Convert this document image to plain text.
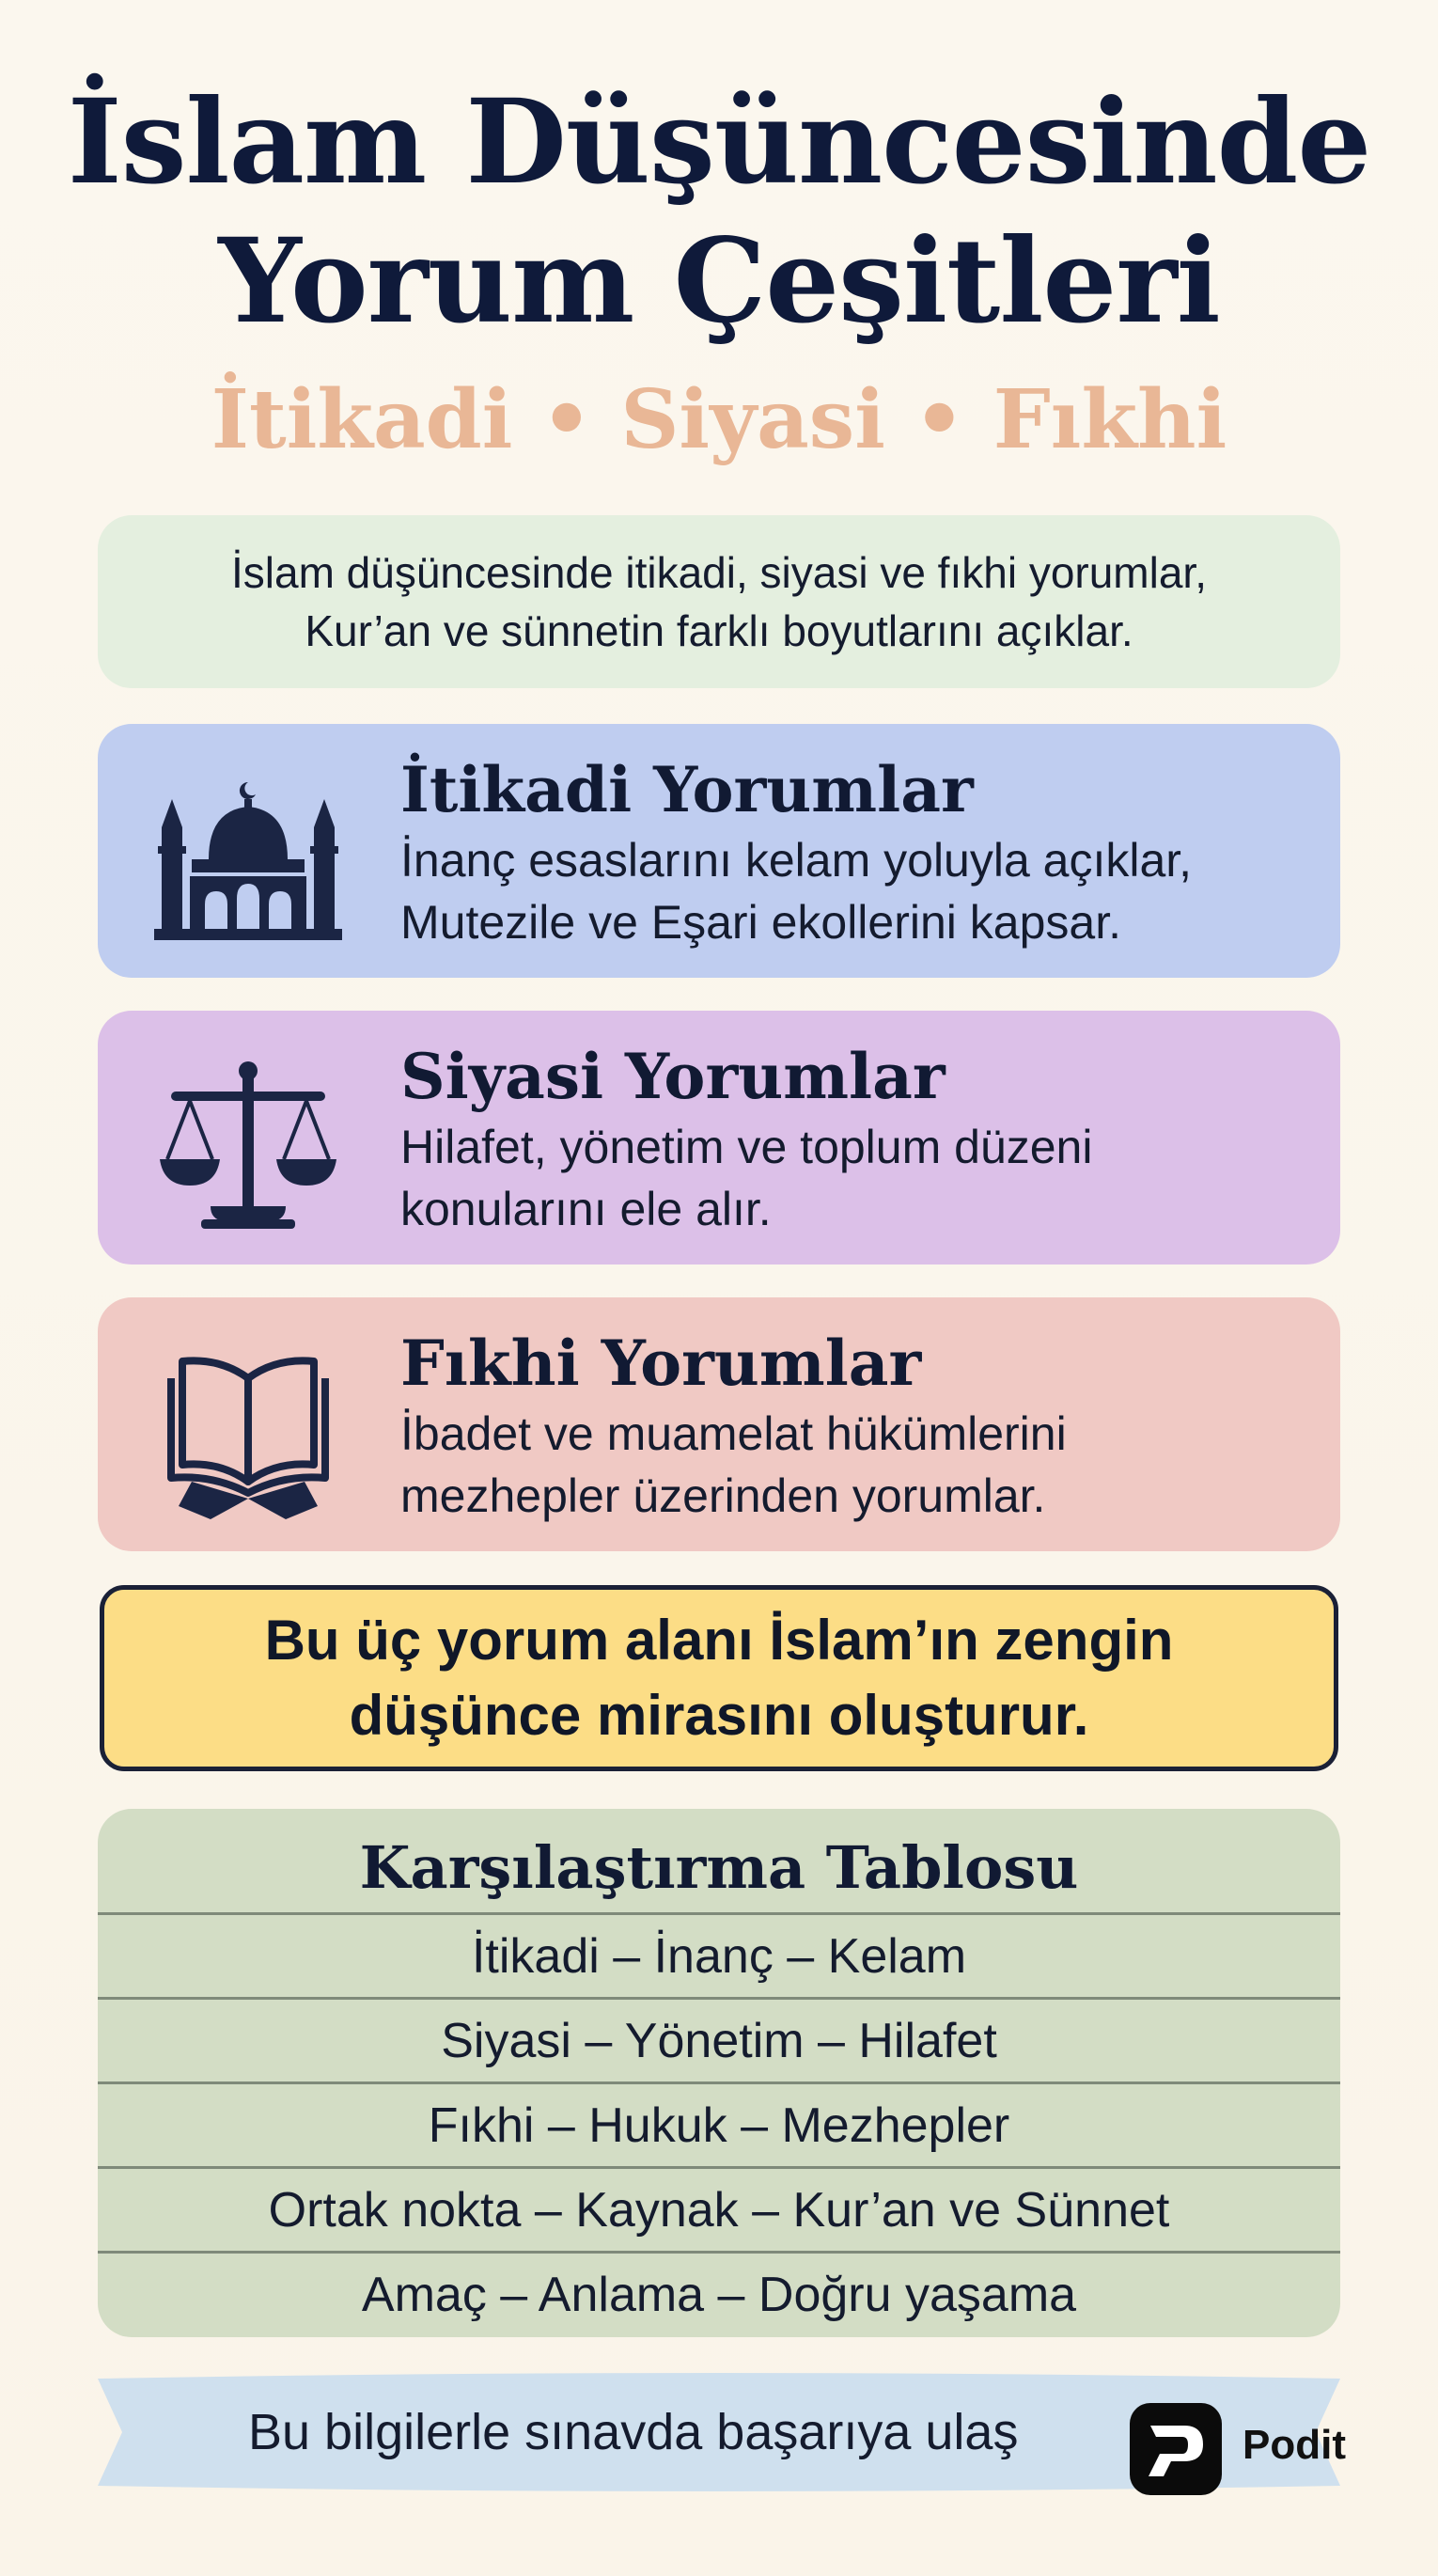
İslam Düşüncesinde
Yorum Çeşitleri
İtikadi • Siyasi • Fıkhi

İslam düşüncesinde itikadi, siyasi ve fıkhi yorumlar,
Kur’an ve sünnetin farklı boyutlarını açıklar.

İtikadi Yorumlar
İnanç esaslarını kelam yoluyla açıklar,
Mutezile ve Eşari ekollerini kapsar.
Siyasi Yorumlar
Hilafet, yönetim ve toplum düzeni
konularını ele alır.
Fıkhi Yorumlar
İbadet ve muamelat hükümlerini
mezhepler üzerinden yorumlar.

Bu üç yorum alanı İslam’ın zengin
düşünce mirasını oluşturur.

Karşılaştırma Tablosu
İtikadi – İnanç – Kelam
Siyasi – Yönetim – Hilafet
Fıkhi – Hukuk – Mezhepler
Ortak nokta – Kaynak – Kur’an ve Sünnet
Amaç – Anlama – Doğru yaşama
Bu bilgilerle sınavda başarıya ulaş	Podit
